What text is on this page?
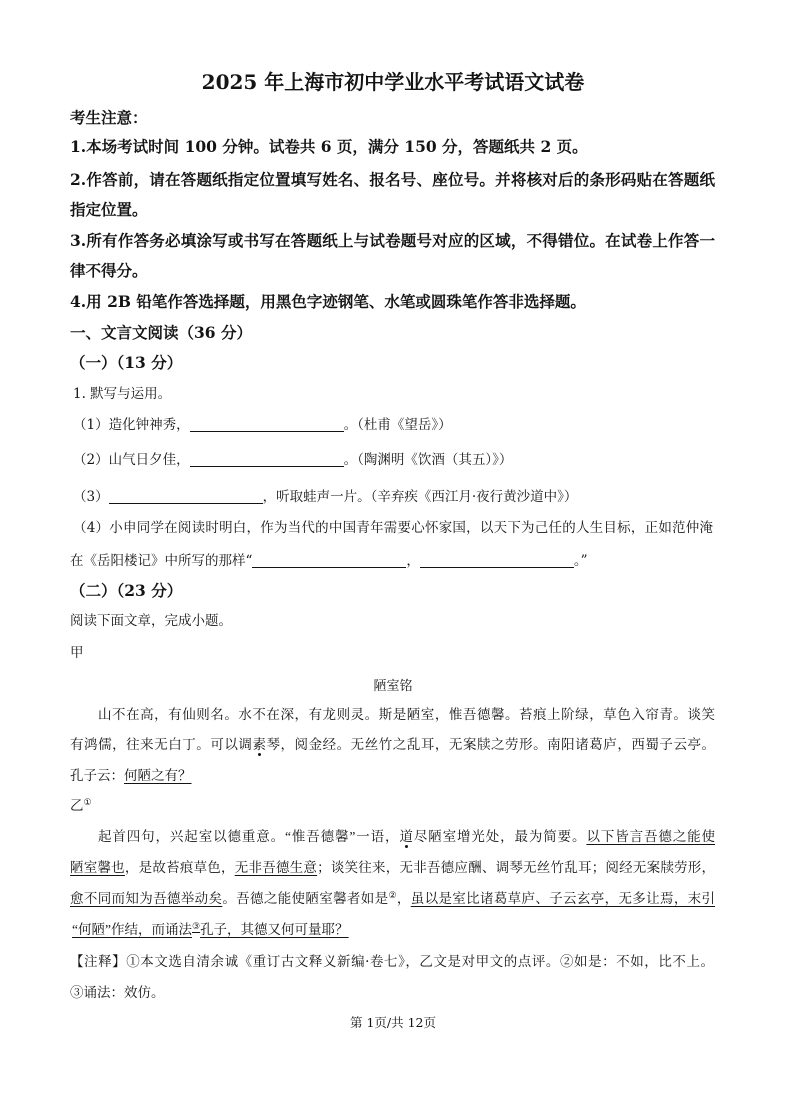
2025 年上海市初中学业水平考试语文试卷
考生注意：
1.本场考试时间 100 分钟。试卷共 6 页，满分 150 分，答题纸共 2 页。
2.作答前，请在答题纸指定位置填写姓名、报名号、座位号。并将核对后的条形码贴在答题纸
指定位置。
3.所有作答务必填涂写或书写在答题纸上与试卷题号对应的区域，不得错位。在试卷上作答一
律不得分。
4.用 2B 铅笔作答选择题，用黑色字迹钢笔、水笔或圆珠笔作答非选择题。
一、文言文阅读（36 分）
（一）（13 分）
1. 默写与运用。
（1）造化钟神秀，	。（杜甫《望岳》）
（2）山气日夕佳，	。（陶渊明《饮酒（其五）》）
（3）	，听取蛙声一片。（辛弃疾《西江月·夜行黄沙道中》）
（4）小申同学在阅读时明白，作为当代的中国青年需要心怀家国，以天下为己任的人生目标，正如范仲淹
在《岳阳楼记》中所写的那样“	，	。”
（二）（23 分）
阅读下面文章，完成小题。
甲
陋室铭
山不在高，有仙则名。水不在深，有龙则灵。斯是陋室，惟吾德馨。苔痕上阶绿，草色入帘青。谈笑
有鸿儒，往来无白丁。可以调素琴，阅金经。无丝竹之乱耳，无案牍之劳形。南阳诸葛庐，西蜀子云亭。
孔子云：何陋之有？
乙①
起首四句，兴起室以德重意。“惟吾德馨”一语，道尽陋室增光处，最为简要。以下皆言吾德之能使
陋室馨也，是故苔痕草色，无非吾德生意；谈笑往来，无非吾德应酬、调琴无丝竹乱耳；阅经无案牍劳形，
愈不同而知为吾德举动矣。吾德之能使陋室馨者如是②，虽以是室比诸葛草庐、子云玄亭，无多让焉，末引
“何陋”作结，而诵法③孔子，其德又何可量耶？
【注释】①本文选自清余诚《重订古文释义新编·卷七》，乙文是对甲文的点评。②如是：不如，比不上。
③诵法：效仿。
第 1页/共 12页
